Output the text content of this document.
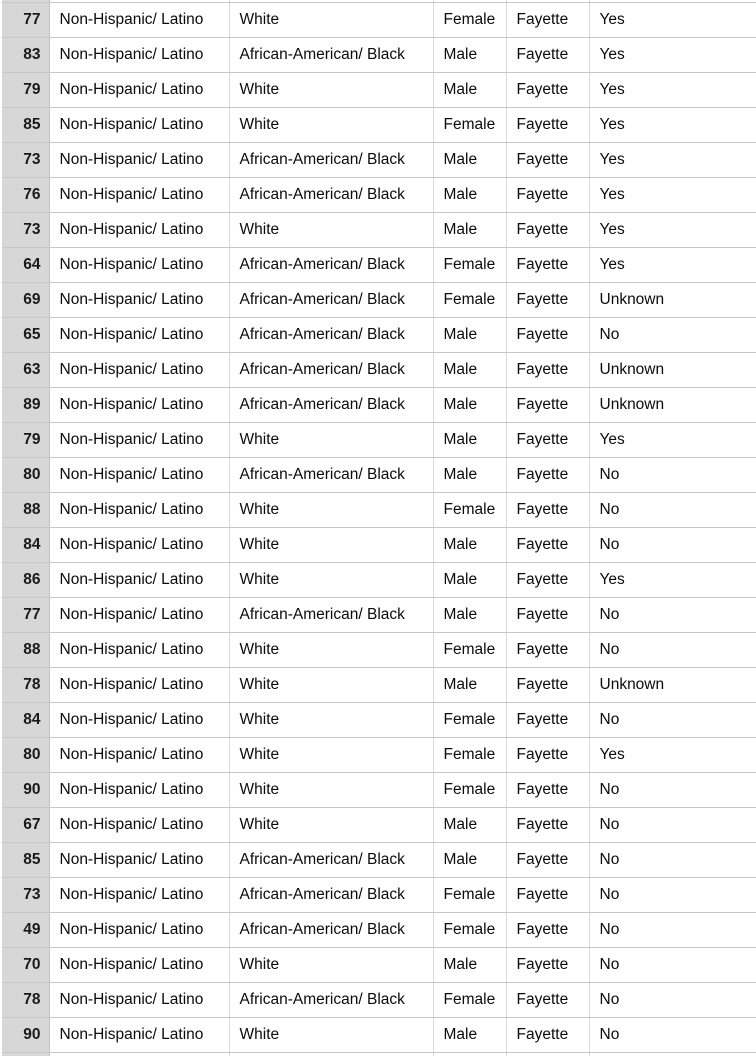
77	Non-Hispanic/ Latino	White	Female	Fayette	Yes
83	Non-Hispanic/ Latino	African-American/ Black	Male	Fayette	Yes
79	Non-Hispanic/ Latino	White	Male	Fayette	Yes
85	Non-Hispanic/ Latino	White	Female	Fayette	Yes
73	Non-Hispanic/ Latino	African-American/ Black	Male	Fayette	Yes
76	Non-Hispanic/ Latino	African-American/ Black	Male	Fayette	Yes
73	Non-Hispanic/ Latino	White	Male	Fayette	Yes
64	Non-Hispanic/ Latino	African-American/ Black	Female	Fayette	Yes
69	Non-Hispanic/ Latino	African-American/ Black	Female	Fayette	Unknown
65	Non-Hispanic/ Latino	African-American/ Black	Male	Fayette	No
63	Non-Hispanic/ Latino	African-American/ Black	Male	Fayette	Unknown
89	Non-Hispanic/ Latino	African-American/ Black	Male	Fayette	Unknown
79	Non-Hispanic/ Latino	White	Male	Fayette	Yes
80	Non-Hispanic/ Latino	African-American/ Black	Male	Fayette	No
88	Non-Hispanic/ Latino	White	Female	Fayette	No
84	Non-Hispanic/ Latino	White	Male	Fayette	No
86	Non-Hispanic/ Latino	White	Male	Fayette	Yes
77	Non-Hispanic/ Latino	African-American/ Black	Male	Fayette	No
88	Non-Hispanic/ Latino	White	Female	Fayette	No
78	Non-Hispanic/ Latino	White	Male	Fayette	Unknown
84	Non-Hispanic/ Latino	White	Female	Fayette	No
80	Non-Hispanic/ Latino	White	Female	Fayette	Yes
90	Non-Hispanic/ Latino	White	Female	Fayette	No
67	Non-Hispanic/ Latino	White	Male	Fayette	No
85	Non-Hispanic/ Latino	African-American/ Black	Male	Fayette	No
73	Non-Hispanic/ Latino	African-American/ Black	Female	Fayette	No
49	Non-Hispanic/ Latino	African-American/ Black	Female	Fayette	No
70	Non-Hispanic/ Latino	White	Male	Fayette	No
78	Non-Hispanic/ Latino	African-American/ Black	Female	Fayette	No
90	Non-Hispanic/ Latino	White	Male	Fayette	No
